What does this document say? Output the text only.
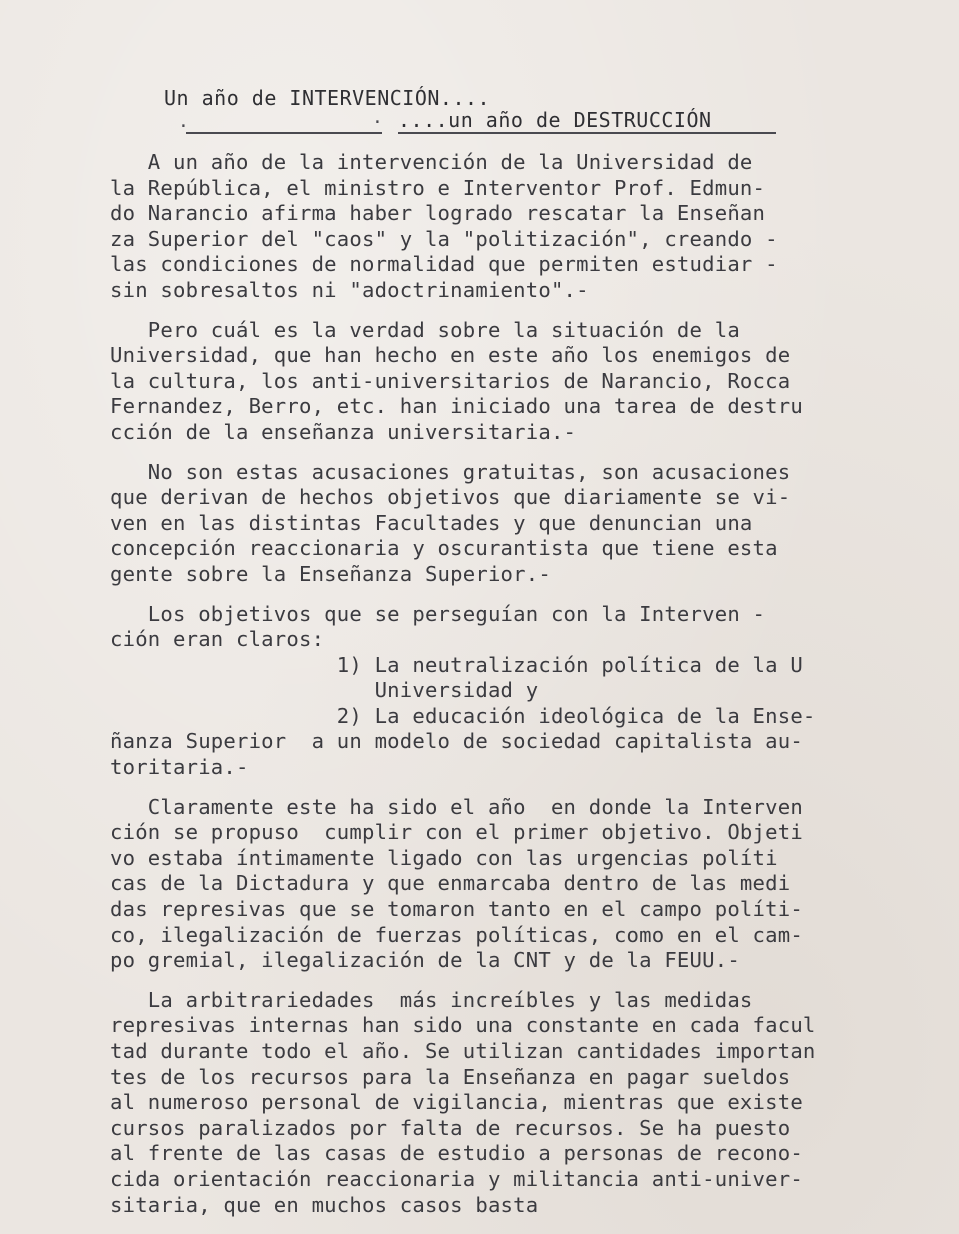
Un año de INTERVENCIÓN....
·	· ....un año de DESTRUCCIÓN
A un año de la intervención de la Universidad de
la República, el ministro e Interventor Prof. Edmun-
do Narancio afirma haber logrado rescatar la Enseñan
za Superior del "caos" y la "politización", creando -
las condiciones de normalidad que permiten estudiar -
sin sobresaltos ni "adoctrinamiento".-
Pero cuál es la verdad sobre la situación de la
Universidad, que han hecho en este año los enemigos de
la cultura, los anti-universitarios de Narancio, Rocca
Fernandez, Berro, etc. han iniciado una tarea de destru
cción de la enseñanza universitaria.-
No son estas acusaciones gratuitas, son acusaciones
que derivan de hechos objetivos que diariamente se vi-
ven en las distintas Facultades y que denuncian una
concepción reaccionaria y oscurantista que tiene esta
gente sobre la Enseñanza Superior.-
Los objetivos que se perseguían con la Interven -
ción eran claros:
1) La neutralización política de la U
Universidad y
2) La educación ideológica de la Ense-
ñanza Superior  a un modelo de sociedad capitalista au-
toritaria.-
Claramente este ha sido el año  en donde la Interven
ción se propuso  cumplir con el primer objetivo. Objeti
vo estaba íntimamente ligado con las urgencias políti
cas de la Dictadura y que enmarcaba dentro de las medi
das represivas que se tomaron tanto en el campo políti-
co, ilegalización de fuerzas políticas, como en el cam-
po gremial, ilegalización de la CNT y de la FEUU.-
La arbitrariedades  más increíbles y las medidas
represivas internas han sido una constante en cada facul
tad durante todo el año. Se utilizan cantidades importan
tes de los recursos para la Enseñanza en pagar sueldos
al numeroso personal de vigilancia, mientras que existe
cursos paralizados por falta de recursos. Se ha puesto
al frente de las casas de estudio a personas de recono-
cida orientación reaccionaria y militancia anti-univer-
sitaria, que en muchos casos basta
